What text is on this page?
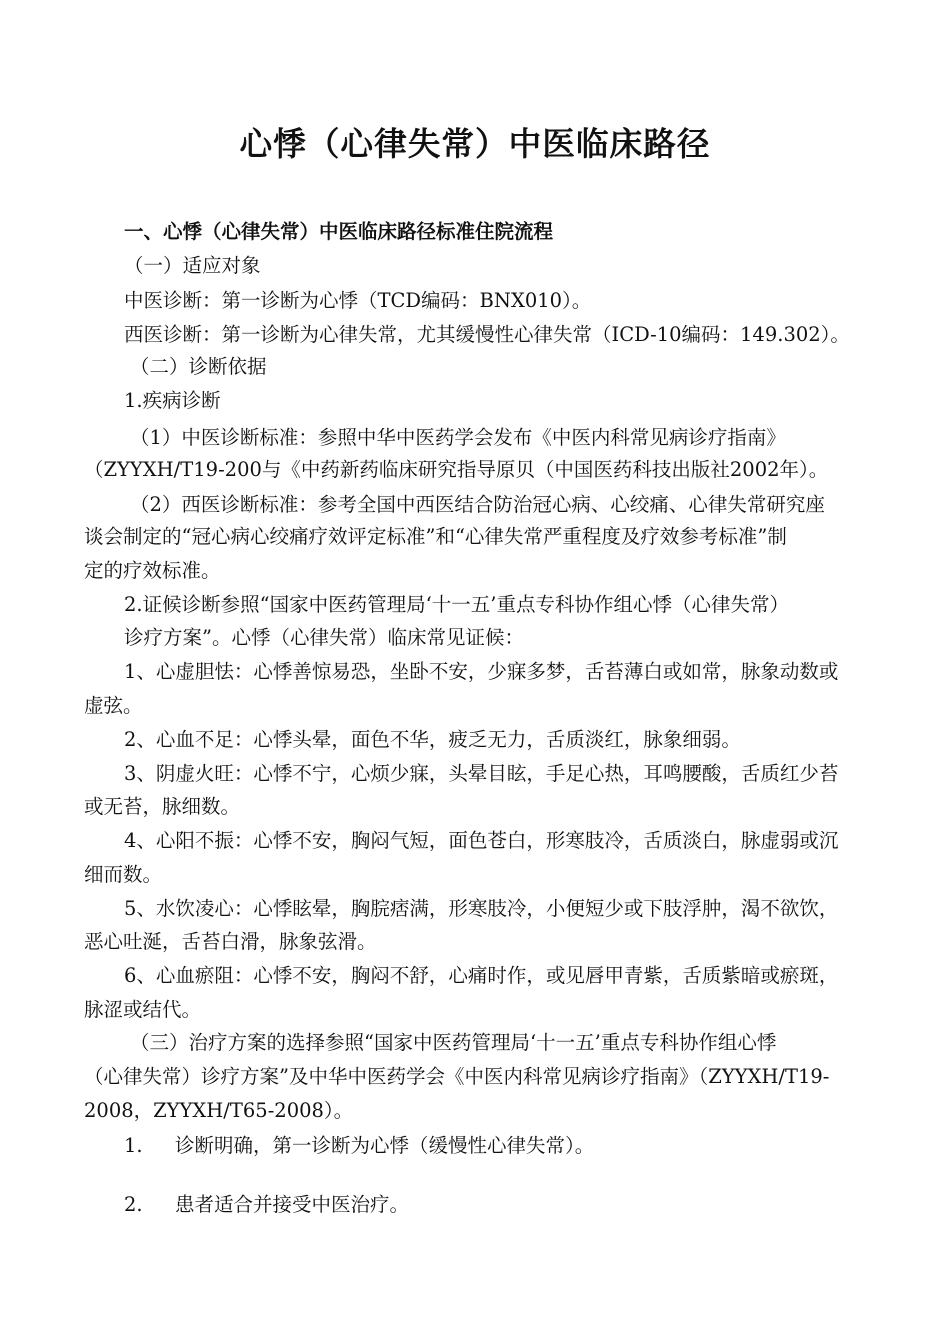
心悸（心律失常）中医临床路径
一、心悸（心律失常）中医临床路径标准住院流程
（一）适应对象
中医诊断：第一诊断为心悸（TCD编码：BNX010）。
西医诊断：第一诊断为心律失常，尤其缓慢性心律失常（ICD-10编码：149.302）。
（二）诊断依据
1.疾病诊断
（1）中医诊断标准：参照中华中医药学会发布《中医内科常见病诊疗指南》
（ZYYXH/T19-200与《中药新药临床研究指导原贝（中国医药科技出版社2002年）。
（2）西医诊断标准：参考全国中西医结合防治冠心病、心绞痛、心律失常研究座
谈会制定的“冠心病心绞痛疗效评定标准”和“心律失常严重程度及疗效参考标准”制
定的疗效标准。
2.证候诊断参照“国家中医药管理局‘十一五’重点专科协作组心悸（心律失常）
诊疗方案”。心悸（心律失常）临床常见证候：
1、心虚胆怯：心悸善惊易恐，坐卧不安，少寐多梦，舌苔薄白或如常，脉象动数或
虚弦。
2、心血不足：心悸头晕，面色不华，疲乏无力，舌质淡红，脉象细弱。
3、阴虚火旺：心悸不宁，心烦少寐，头晕目眩，手足心热，耳鸣腰酸，舌质红少苔
或无苔，脉细数。
4、心阳不振：心悸不安，胸闷气短，面色苍白，形寒肢冷，舌质淡白，脉虚弱或沉
细而数。
5、水饮凌心：心悸眩晕，胸脘痞满，形寒肢冷，小便短少或下肢浮肿，渴不欲饮，
恶心吐涎，舌苔白滑，脉象弦滑。
6、心血瘀阻：心悸不安，胸闷不舒，心痛时作，或见唇甲青紫，舌质紫暗或瘀斑，
脉涩或结代。
（三）治疗方案的选择参照“国家中医药管理局‘十一五’重点专科协作组心悸
（心律失常）诊疗方案”及中华中医药学会《中医内科常见病诊疗指南》（ZYYXH/T19-
2008，ZYYXH/T65-2008）。
1. 诊断明确，第一诊断为心悸（缓慢性心律失常）。
2. 患者适合并接受中医治疗。
